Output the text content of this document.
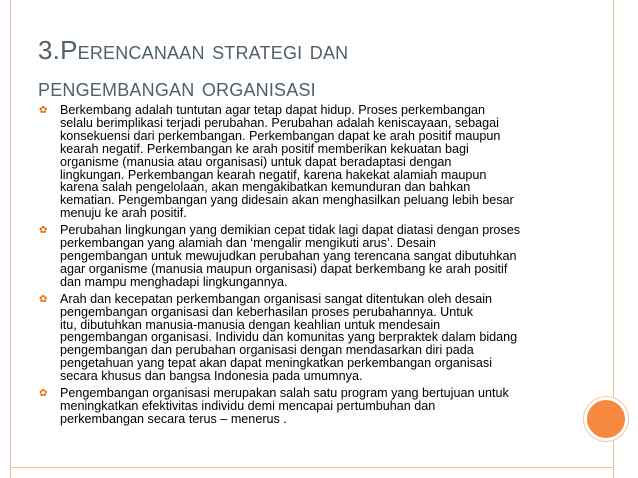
3.Perencanaan strategi dan
pengembangan organisasi
✿ Berkembang adalah tuntutan agar tetap dapat hidup. Proses perkembangan
selalu berimplikasi terjadi perubahan. Perubahan adalah keniscayaan, sebagai
konsekuensi dari perkembangan. Perkembangan dapat ke arah positif maupun
kearah negatif. Perkembangan ke arah positif memberikan kekuatan bagi
organisme (manusia atau organisasi) untuk dapat beradaptasi dengan
lingkungan. Perkembangan kearah negatif, karena hakekat alamiah maupun
karena salah pengelolaan, akan mengakibatkan kemunduran dan bahkan
kematian. Pengembangan yang didesain akan menghasilkan peluang lebih besar
menuju ke arah positif.
✿ Perubahan lingkungan yang demikian cepat tidak lagi dapat diatasi dengan proses
perkembangan yang alamiah dan ‘mengalir mengikuti arus’. Desain
pengembangan untuk mewujudkan perubahan yang terencana sangat dibutuhkan
agar organisme (manusia maupun organisasi) dapat berkembang ke arah positif
dan mampu menghadapi lingkungannya.
✿ Arah dan kecepatan perkembangan organisasi sangat ditentukan oleh desain
pengembangan organisasi dan keberhasilan proses perubahannya. Untuk
itu, dibutuhkan manusia-manusia dengan keahlian untuk mendesain
pengembangan organisasi. Individu dan komunitas yang berpraktek dalam bidang
pengembangan dan perubahan organisasi dengan mendasarkan diri pada
pengetahuan yang tepat akan dapat meningkatkan perkembangan organisasi
secara khusus dan bangsa Indonesia pada umumnya.
✿ Pengembangan organisasi merupakan salah satu program yang bertujuan untuk
meningkatkan efektivitas individu demi mencapai pertumbuhan dan
perkembangan secara terus – menerus .
